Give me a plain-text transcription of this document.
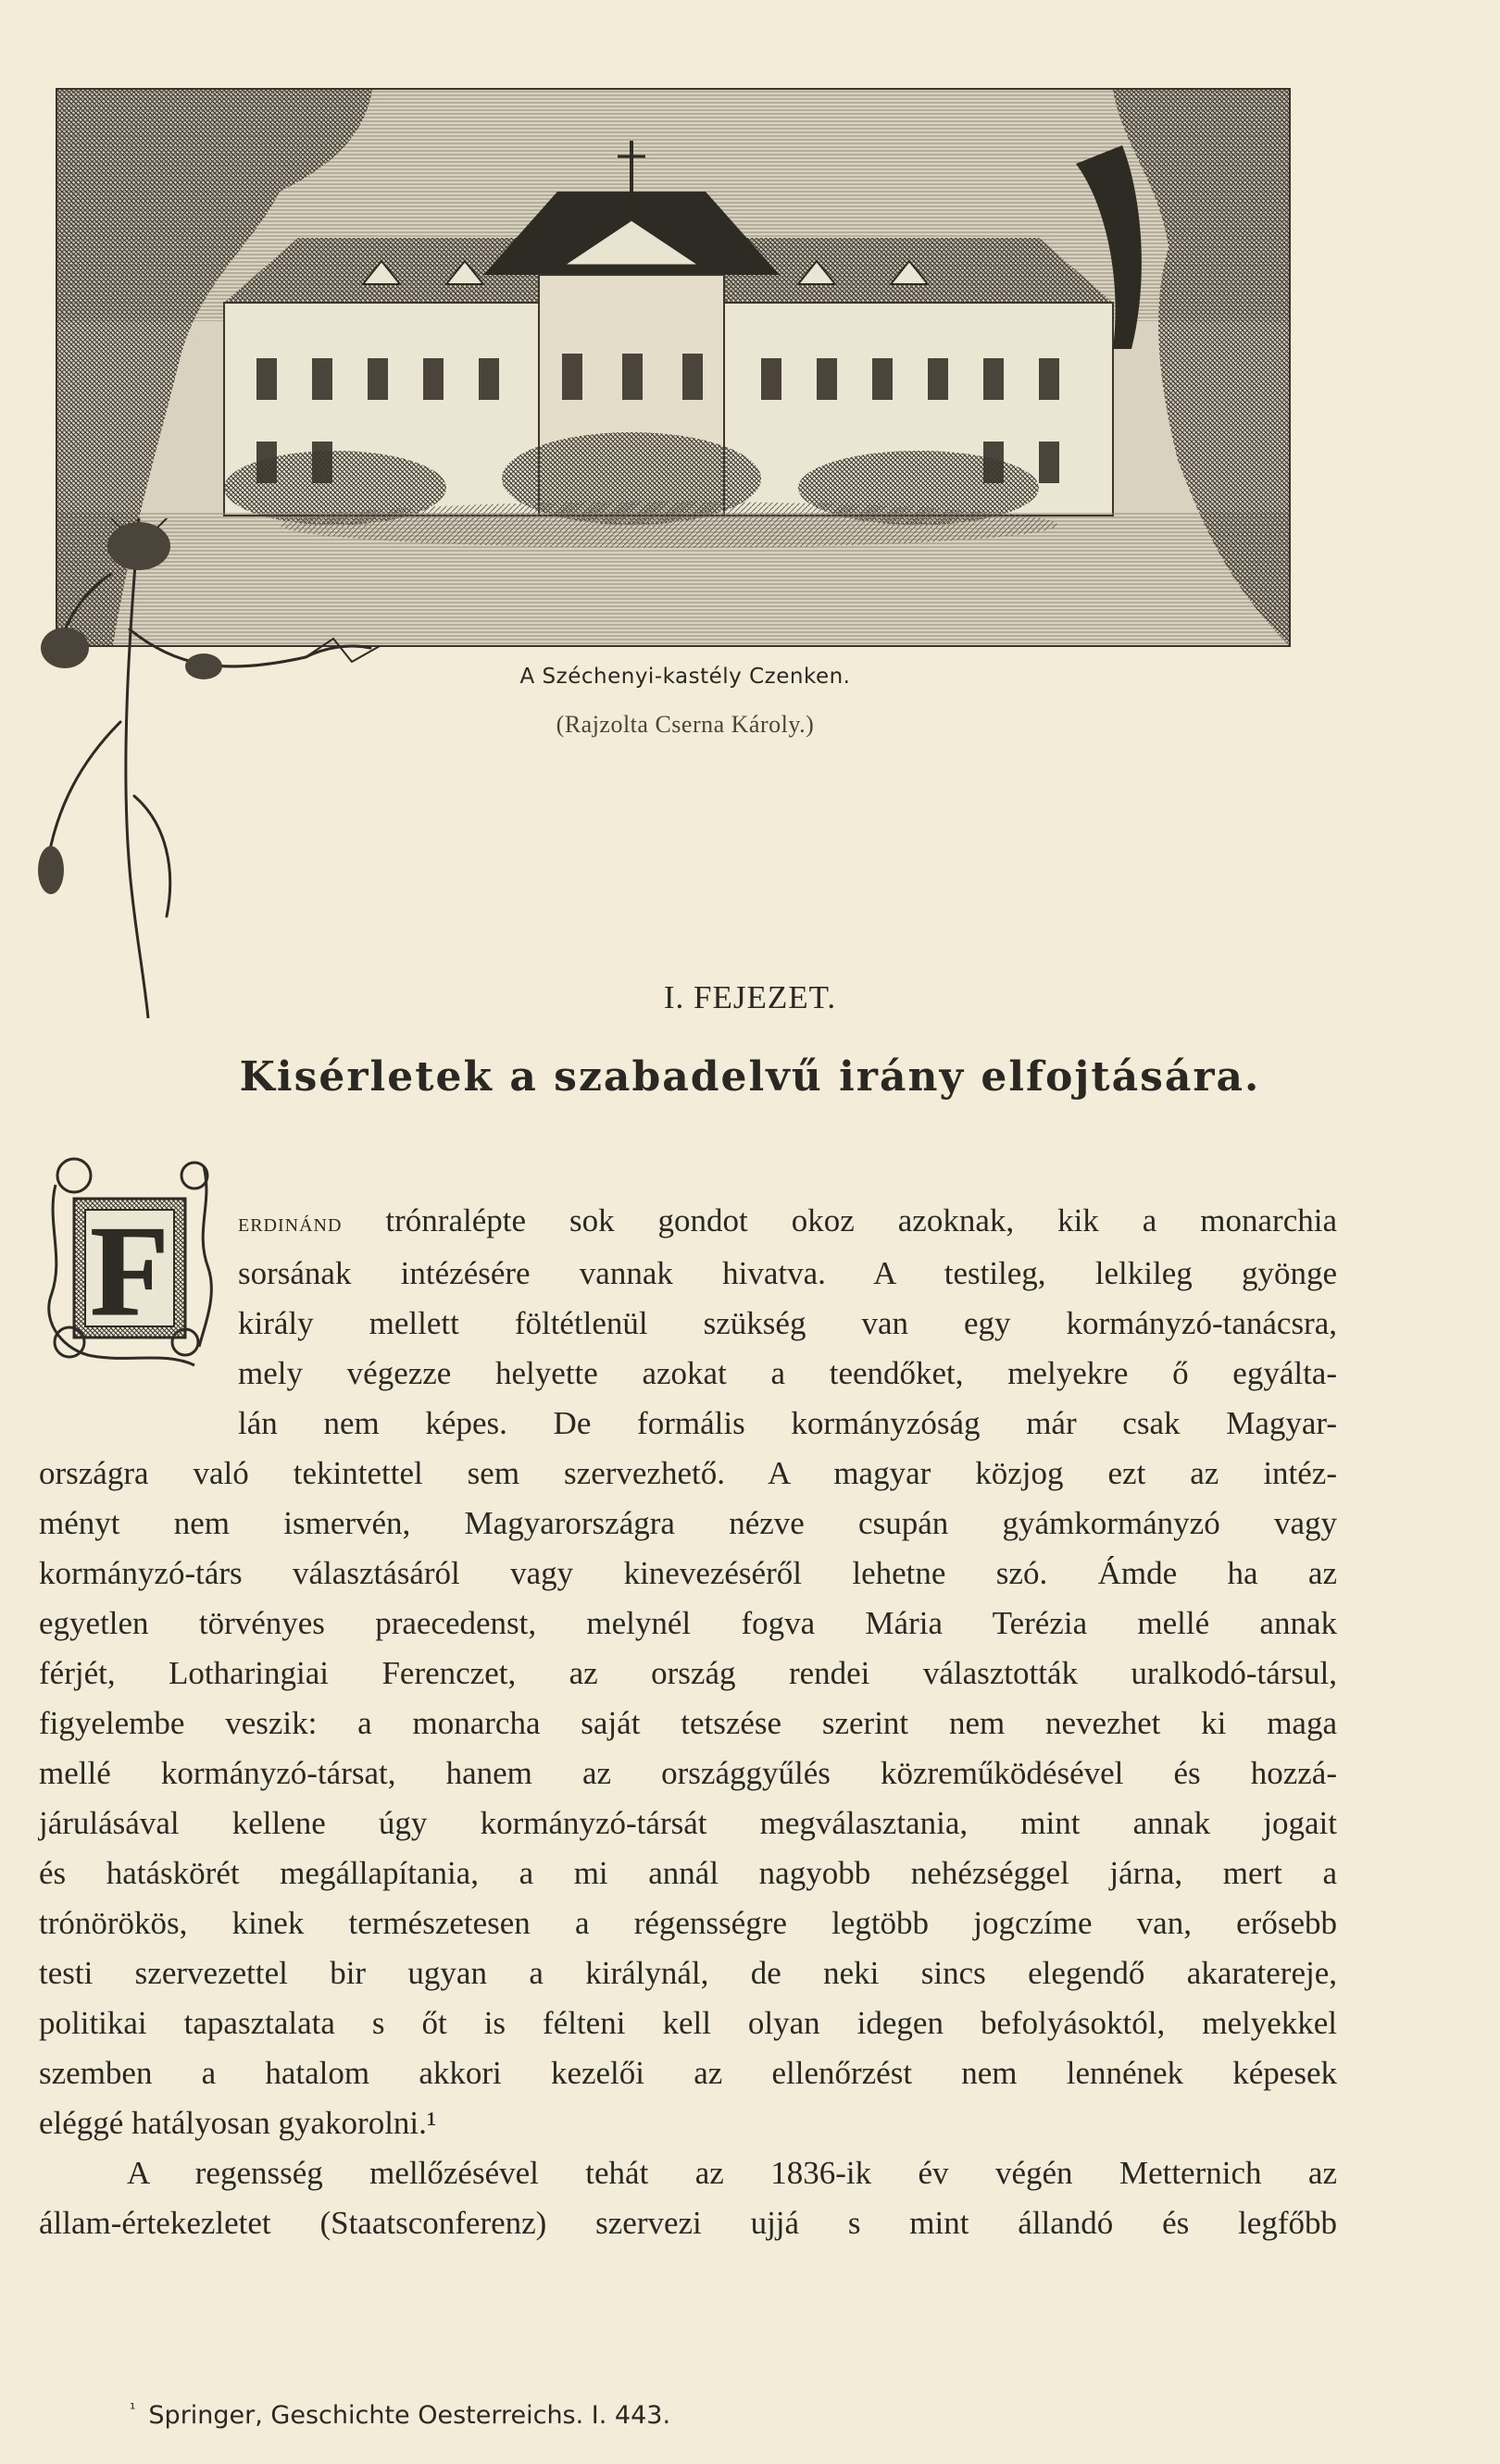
A Széchenyi-kastély Czenken.
(Rajzolta Cserna Károly.)
I. FEJEZET.
Kisérletek a szabadelvű irány elfojtására.
F	erdinánd trónralépte sok gondot okoz azoknak, kik a monarchia
sorsának intézésére vannak hivatva. A testileg, lelkileg gyönge
király mellett föltétlenül szükség van egy kormányzó-tanácsra,
mely végezze helyette azokat a teendőket, melyekre ő egyálta-
lán nem képes. De formális kormányzóság már csak Magyar-
országra való tekintettel sem szervezhető. A magyar közjog ezt az intéz-
ményt nem ismervén, Magyarországra nézve csupán gyámkormányzó vagy
kormányzó-társ választásáról vagy kinevezéséről lehetne szó. Ámde ha az
egyetlen törvényes praecedenst, melynél fogva Mária Terézia mellé annak
férjét, Lotharingiai Ferenczet, az ország rendei választották uralkodó-társul,
figyelembe veszik: a monarcha saját tetszése szerint nem nevezhet ki maga
mellé kormányzó-társat, hanem az országgyűlés közreműködésével és hozzá-
járulásával kellene úgy kormányzó-társát megválasztania, mint annak jogait
és hatáskörét megállapítania, a mi annál nagyobb nehézséggel járna, mert a
trónörökös, kinek természetesen a régensségre legtöbb jogczíme van, erősebb
testi szervezettel bir ugyan a királynál, de neki sincs elegendő akaratereje,
politikai tapasztalata s őt is félteni kell olyan idegen befolyásoktól, melyekkel
szemben a hatalom akkori kezelői az ellenőrzést nem lennének képesek
eléggé hatályosan gyakorolni.¹
A regensség mellőzésével tehát az 1836-ik év végén Metternich az
állam-értekezletet (Staatsconferenz) szervezi ujjá s mint állandó és legfőbb
$^{^1}$ Springer, Geschichte Oesterreichs. I. 443.
